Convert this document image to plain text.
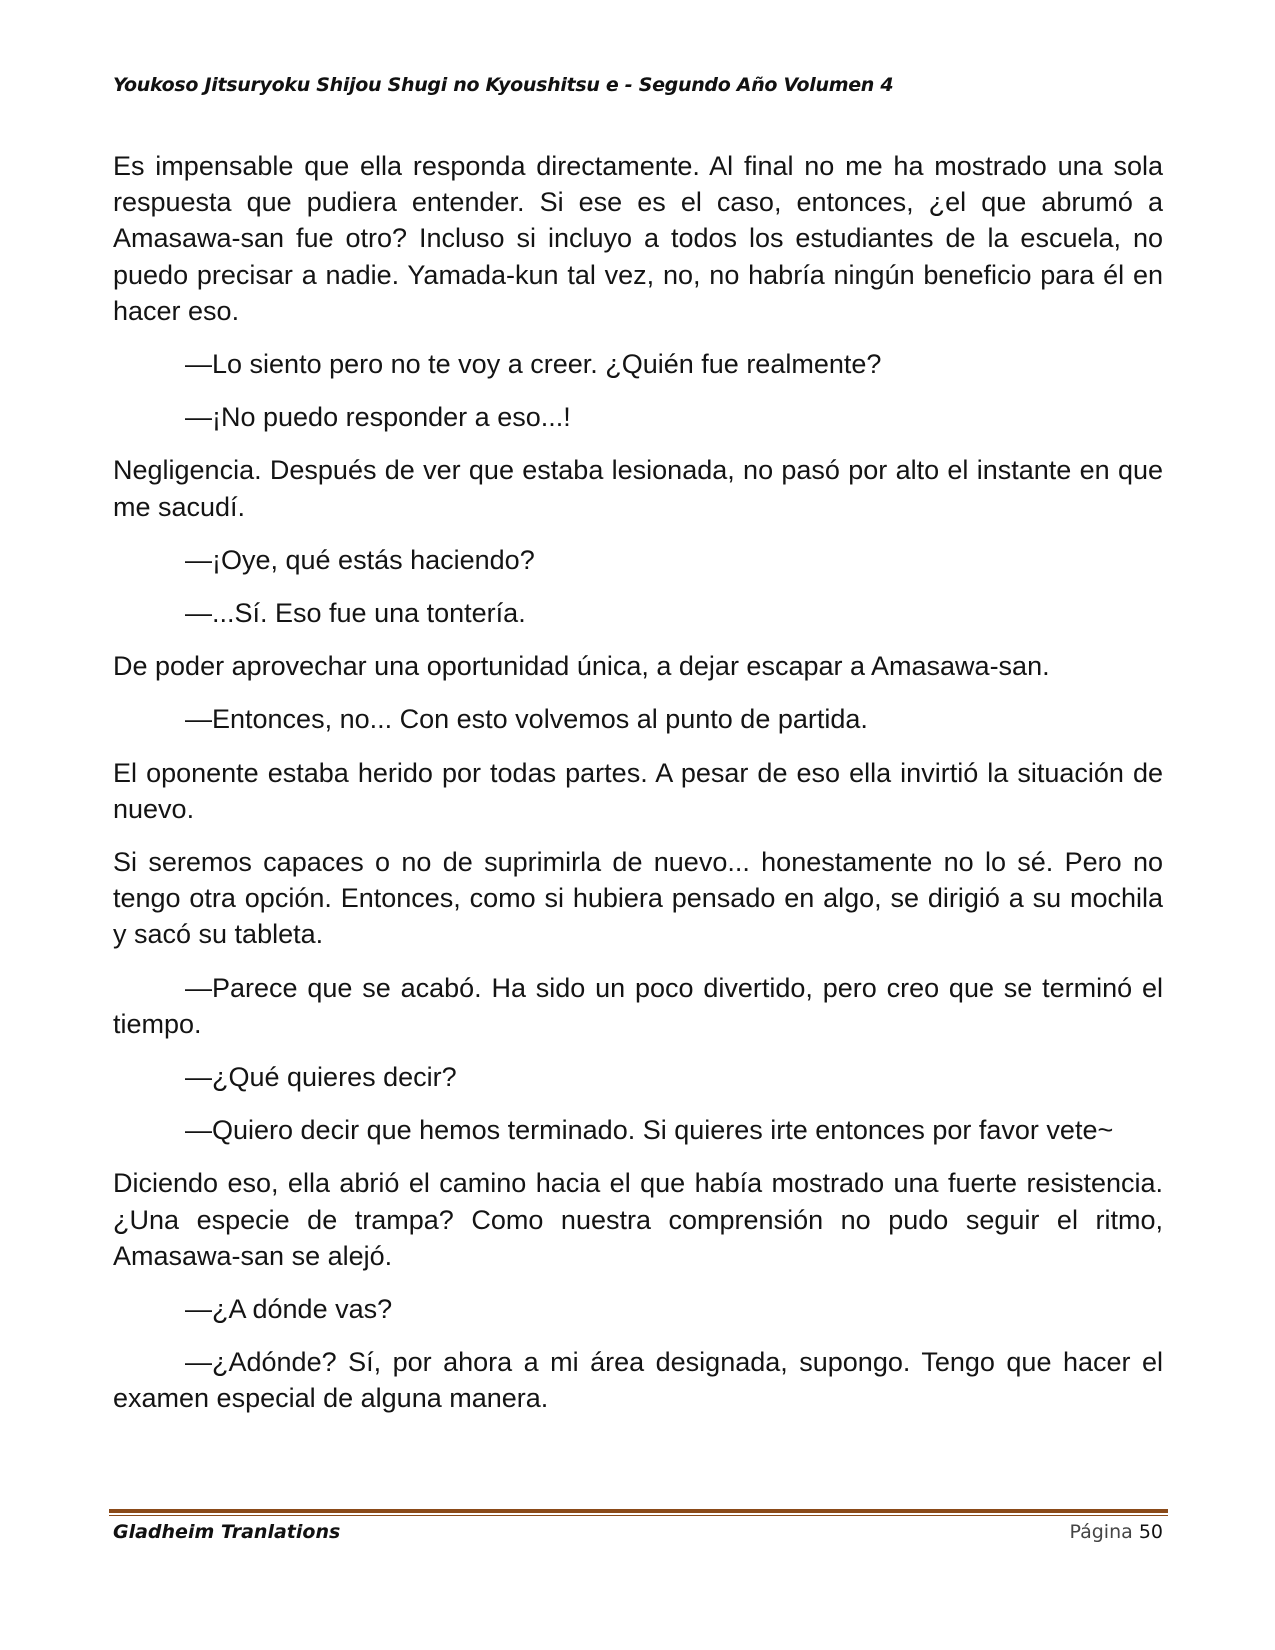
Youkoso Jitsuryoku Shijou Shugi no Kyoushitsu e - Segundo Año Volumen 4

Es impensable que ella responda directamente. Al final no me ha mostrado una sola respuesta que pudiera entender. Si ese es el caso, entonces, ¿el que abrumó a Amasawa-san fue otro? Incluso si incluyo a todos los estudiantes de la escuela, no puedo precisar a nadie. Yamada-kun tal vez, no, no habría ningún beneficio para él en hacer eso.

—Lo siento pero no te voy a creer. ¿Quién fue realmente?

—¡No puedo responder a eso...!

Negligencia. Después de ver que estaba lesionada, no pasó por alto el instante en que me sacudí.

—¡Oye, qué estás haciendo?

—...Sí. Eso fue una tontería.

De poder aprovechar una oportunidad única, a dejar escapar a Amasawa-san.

—Entonces, no... Con esto volvemos al punto de partida.

El oponente estaba herido por todas partes. A pesar de eso ella invirtió la situación de nuevo.

Si seremos capaces o no de suprimirla de nuevo... honestamente no lo sé. Pero no tengo otra opción. Entonces, como si hubiera pensado en algo, se dirigió a su mochila y sacó su tableta.

—Parece que se acabó. Ha sido un poco divertido, pero creo que se terminó el tiempo.

—¿Qué quieres decir?

—Quiero decir que hemos terminado. Si quieres irte entonces por favor vete~

Diciendo eso, ella abrió el camino hacia el que había mostrado una fuerte resistencia. ¿Una especie de trampa? Como nuestra comprensión no pudo seguir el ritmo, Amasawa-san se alejó.

—¿A dónde vas?

—¿Adónde? Sí, por ahora a mi área designada, supongo. Tengo que hacer el examen especial de alguna manera.

Gladheim Tranlations	Página 50
